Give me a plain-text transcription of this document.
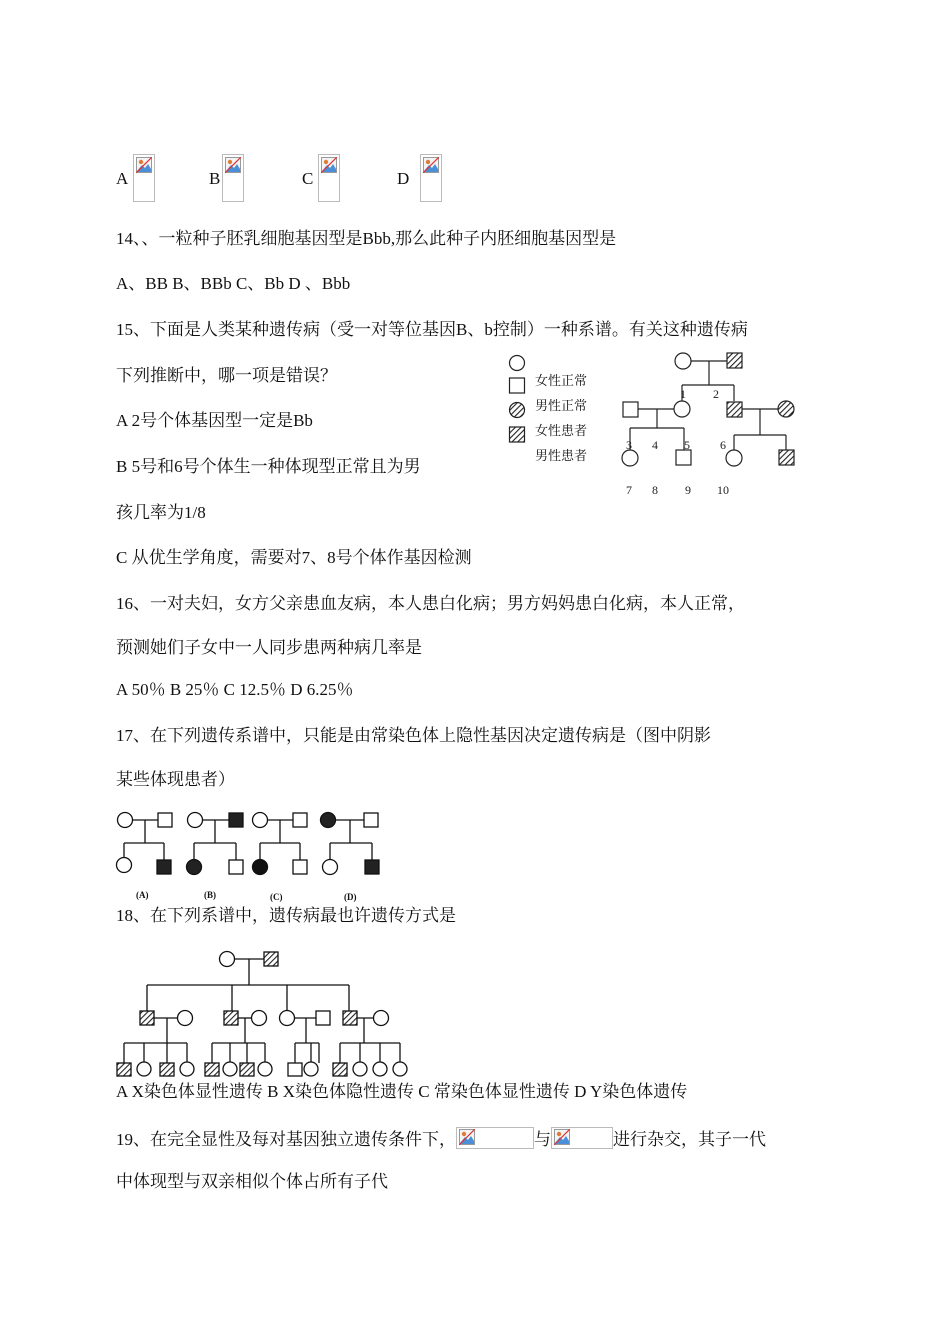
A	B	C	D
14、、一粒种子胚乳细胞基因型是Bbb,那么此种子内胚细胞基因型是
A、BB B、BBb C、Bb D 、Bbb
15、下面是人类某种遗传病（受一对等位基因B、b控制）一种系谱。有关这种遗传病
下列推断中，哪一项是错误？
A 2号个体基因型一定是Bb
B 5号和6号个体生一种体现型正常且为男
孩几率为1/8
C 从优生学角度，需要对7、8号个体作基因检测
女性正常
男性正常
女性患者
男性患者
1 2
3 4 5	6
7 8 9 10
16、一对夫妇，女方父亲患血友病，本人患白化病；男方妈妈患白化病，本人正常，
预测她们子女中一人同步患两种病几率是
A 50％ B 25％ C 12.5％ D 6.25％
17、在下列遗传系谱中，只能是由常染色体上隐性基因决定遗传病是（图中阴影
某些体现患者）
(A)	(B)	(C)	(D)
18、在下列系谱中，遗传病最也许遗传方式是
A X染色体显性遗传 B X染色体隐性遗传 C 常染色体显性遗传 D Y染色体遗传
19、在完全显性及每对基因独立遗传条件下，	与	进行杂交，其子一代
中体现型与双亲相似个体占所有子代
